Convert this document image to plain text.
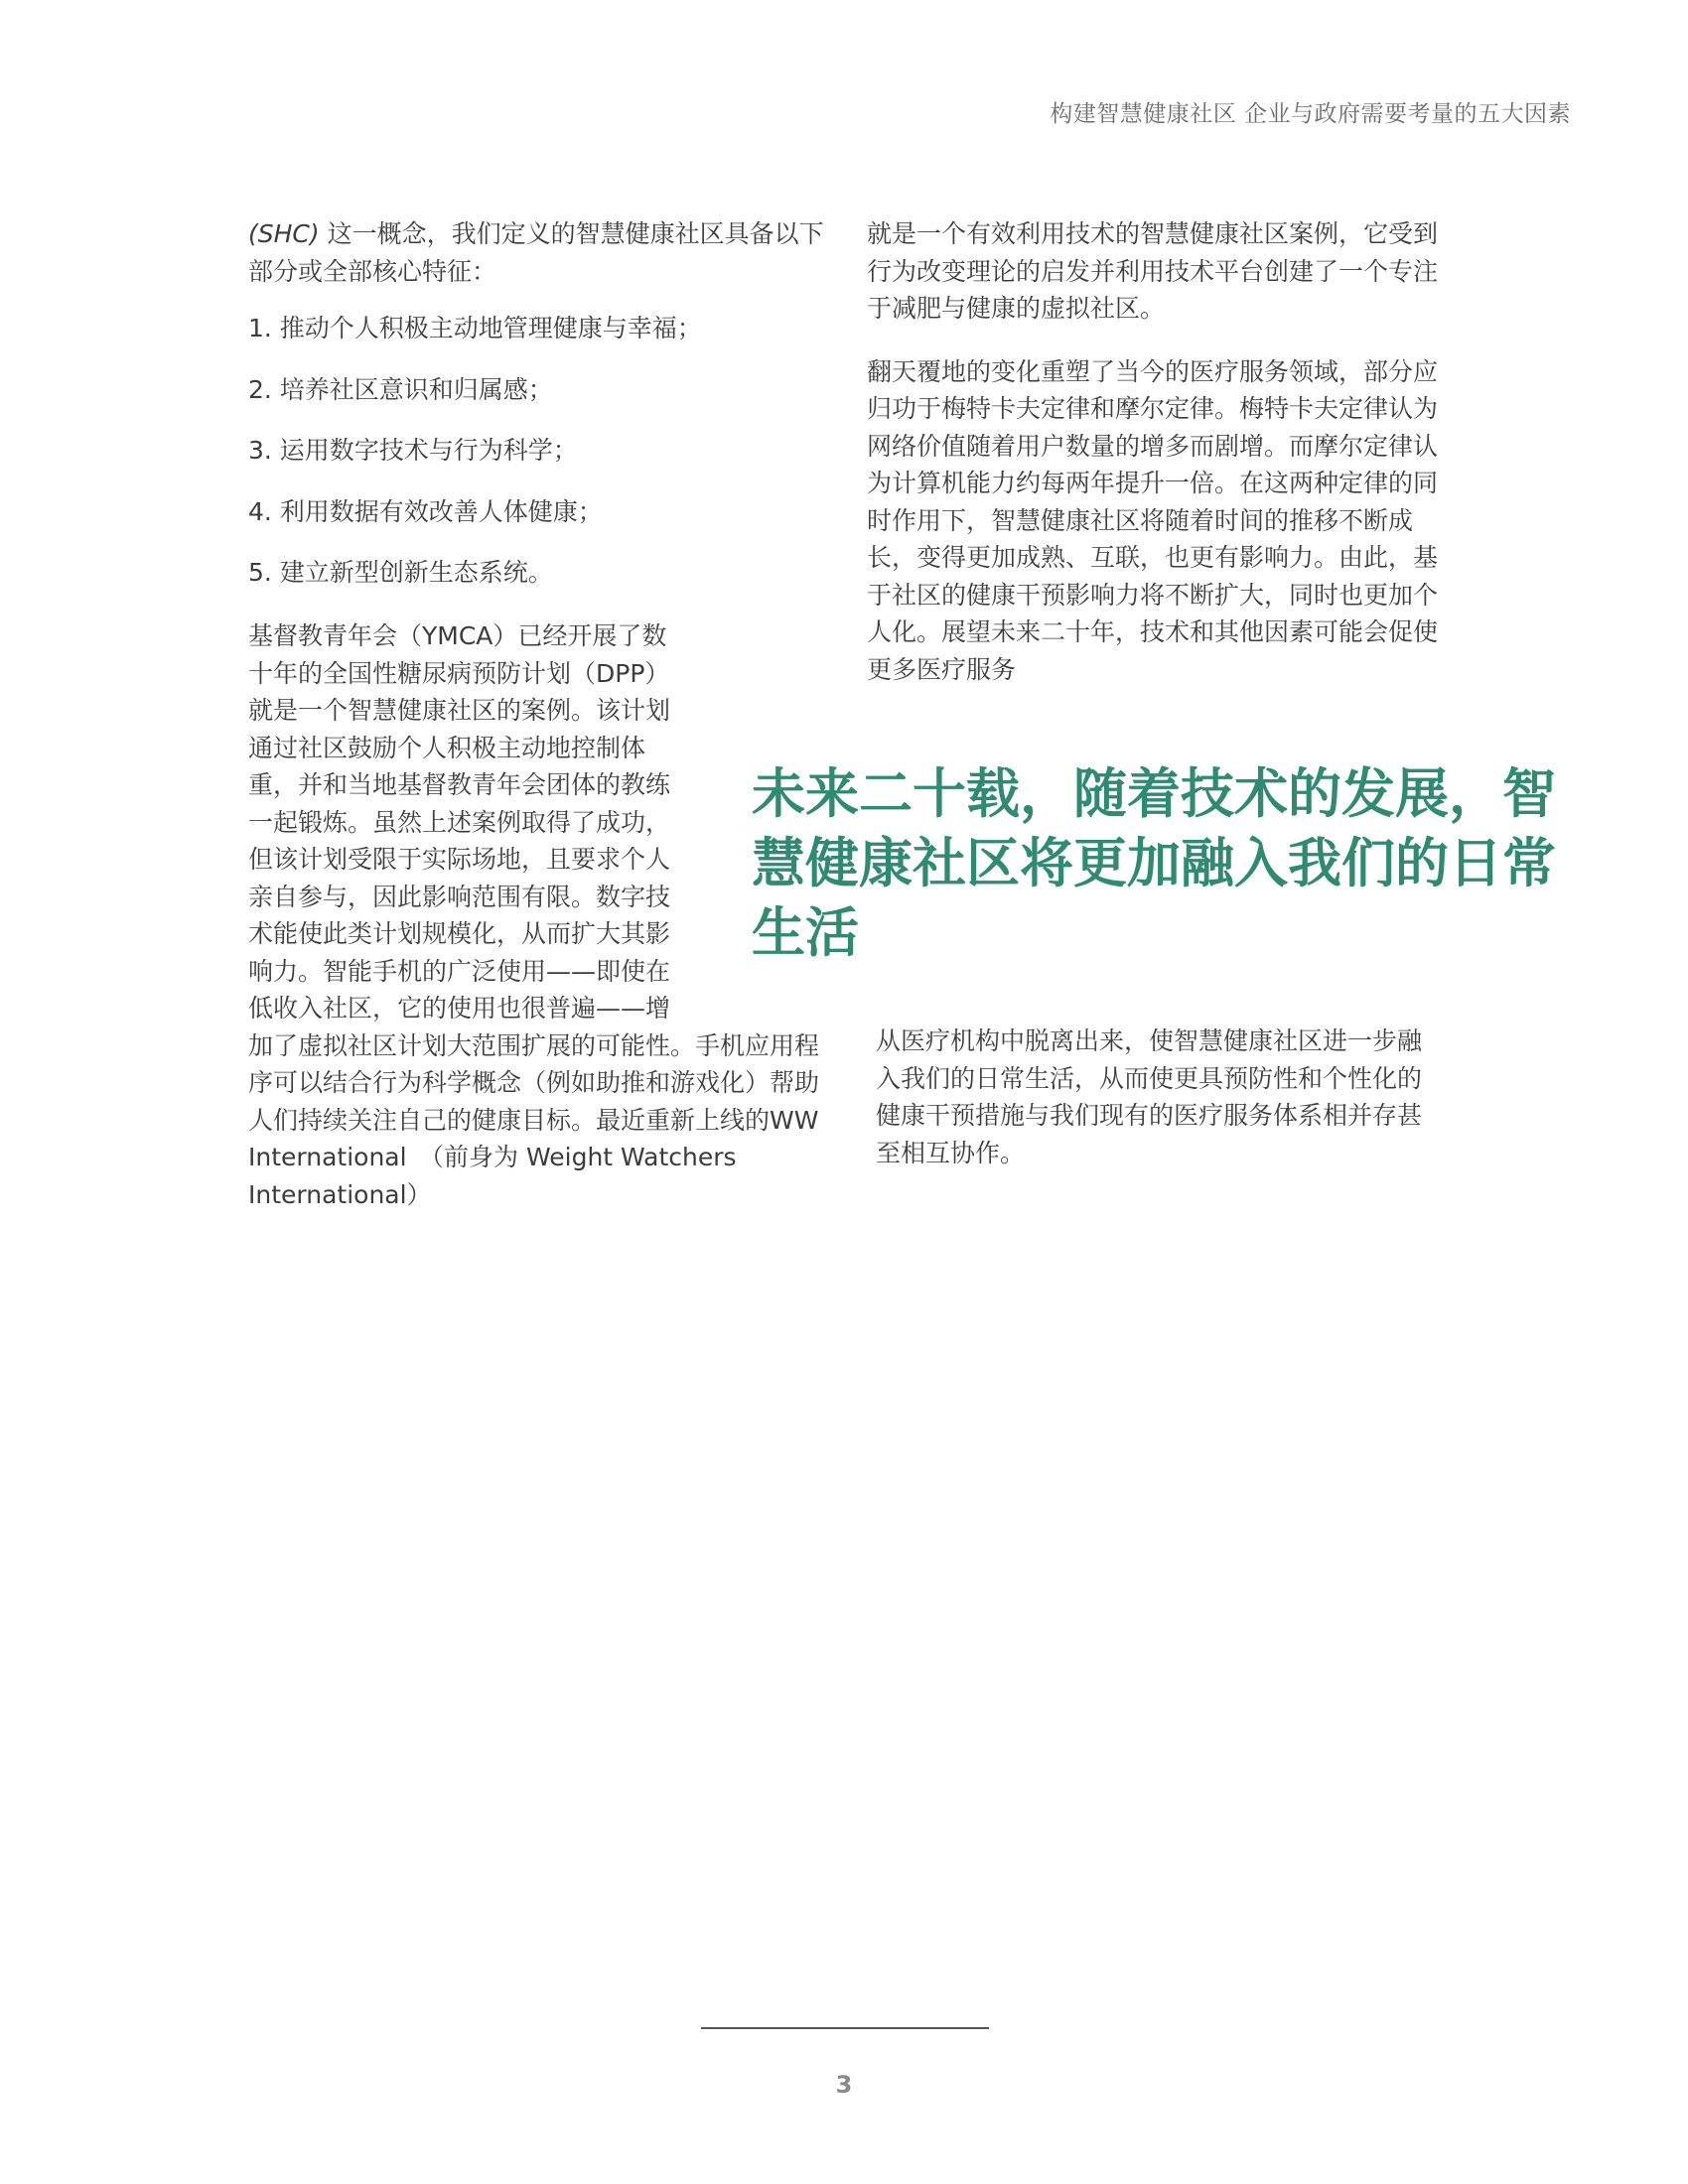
构建智慧健康社区 企业与政府需要考量的五大因素

(SHC) 这一概念，我们定义的智慧健康社区具备以下部分或全部核心特征：

1. 推动个人积极主动地管理健康与幸福；

2. 培养社区意识和归属感；

3. 运用数字技术与行为科学；

4. 利用数据有效改善人体健康；

5. 建立新型创新生态系统。

基督教青年会（YMCA）已经开展了数十年的全国性糖尿病预防计划（DPP）就是一个智慧健康社区的案例。该计划通过社区鼓励个人积极主动地控制体重，并和当地基督教青年会团体的教练一起锻炼。虽然上述案例取得了成功，但该计划受限于实际场地，且要求个人亲自参与，因此影响范围有限。数字技术能使此类计划规模化，从而扩大其影响力。智能手机的广泛使用——即使在低收入社区，它的使用也很普遍——增加了虚拟社区计划大范围扩展的可能性。手机应用程序可以结合行为科学概念（例如助推和游戏化）帮助人们持续关注自己的健康目标。最近重新上线的WW International　（前身为 Weight Watchers International）

就是一个有效利用技术的智慧健康社区案例，它受到行为改变理论的启发并利用技术平台创建了一个专注于减肥与健康的虚拟社区。

翻天覆地的变化重塑了当今的医疗服务领域，部分应归功于梅特卡夫定律和摩尔定律。梅特卡夫定律认为网络价值随着用户数量的增多而剧增。而摩尔定律认为计算机能力约每两年提升一倍。在这两种定律的同时作用下，智慧健康社区将随着时间的推移不断成长，变得更加成熟、互联，也更有影响力。由此，基于社区的健康干预影响力将不断扩大，同时也更加个人化。展望未来二十年，技术和其他因素可能会促使更多医疗服务

未来二十载，随着技术的发展，智慧健康社区将更加融入我们的日常生活

从医疗机构中脱离出来，使智慧健康社区进一步融入我们的日常生活，从而使更具预防性和个性化的健康干预措施与我们现有的医疗服务体系相并存甚至相互协作。

3
